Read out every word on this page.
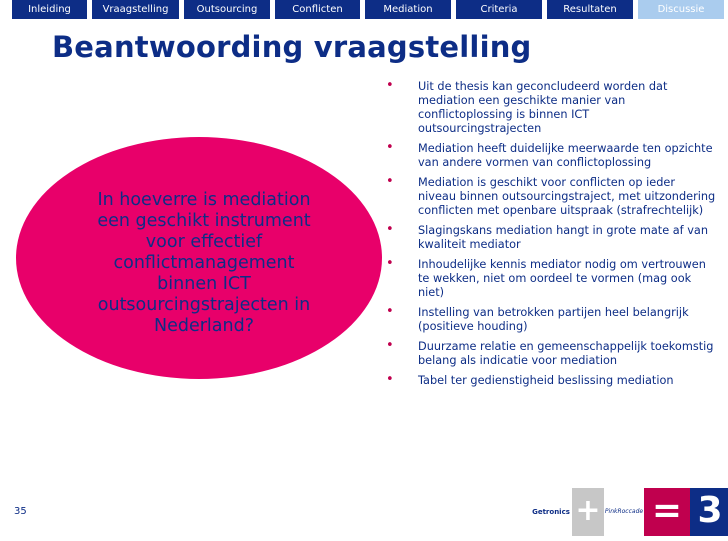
Inleiding	Vraagstelling	Outsourcing	Conflicten	Mediation	Criteria	Resultaten	Discussie
Beantwoording vraagstelling
In hoeverre is mediation een geschikt instrument voor effectief conflictmanagement binnen ICT outsourcingstrajecten in Nederland?
• Uit de thesis kan geconcludeerd worden dat mediation een geschikte manier van conflictoplossing is binnen ICT outsourcingstrajecten
• Mediation heeft duidelijke meerwaarde ten opzichte van andere vormen van conflictoplossing
• Mediation is geschikt voor conflicten op ieder niveau binnen outsourcingstraject, met uitzondering conflicten met openbare uitspraak (strafrechtelijk)
• Slagingskans mediation hangt in grote mate af van kwaliteit mediator
• Inhoudelijke kennis mediator nodig om vertrouwen te wekken, niet om oordeel te vormen (mag ook niet)
• Instelling van betrokken partijen heel belangrijk (positieve houding)
• Duurzame relatie en gemeenschappelijk toekomstig belang als indicatie voor mediation
• Tabel ter gedienstigheid beslissing mediation
35	Getronics + PinkRoccade = 3
